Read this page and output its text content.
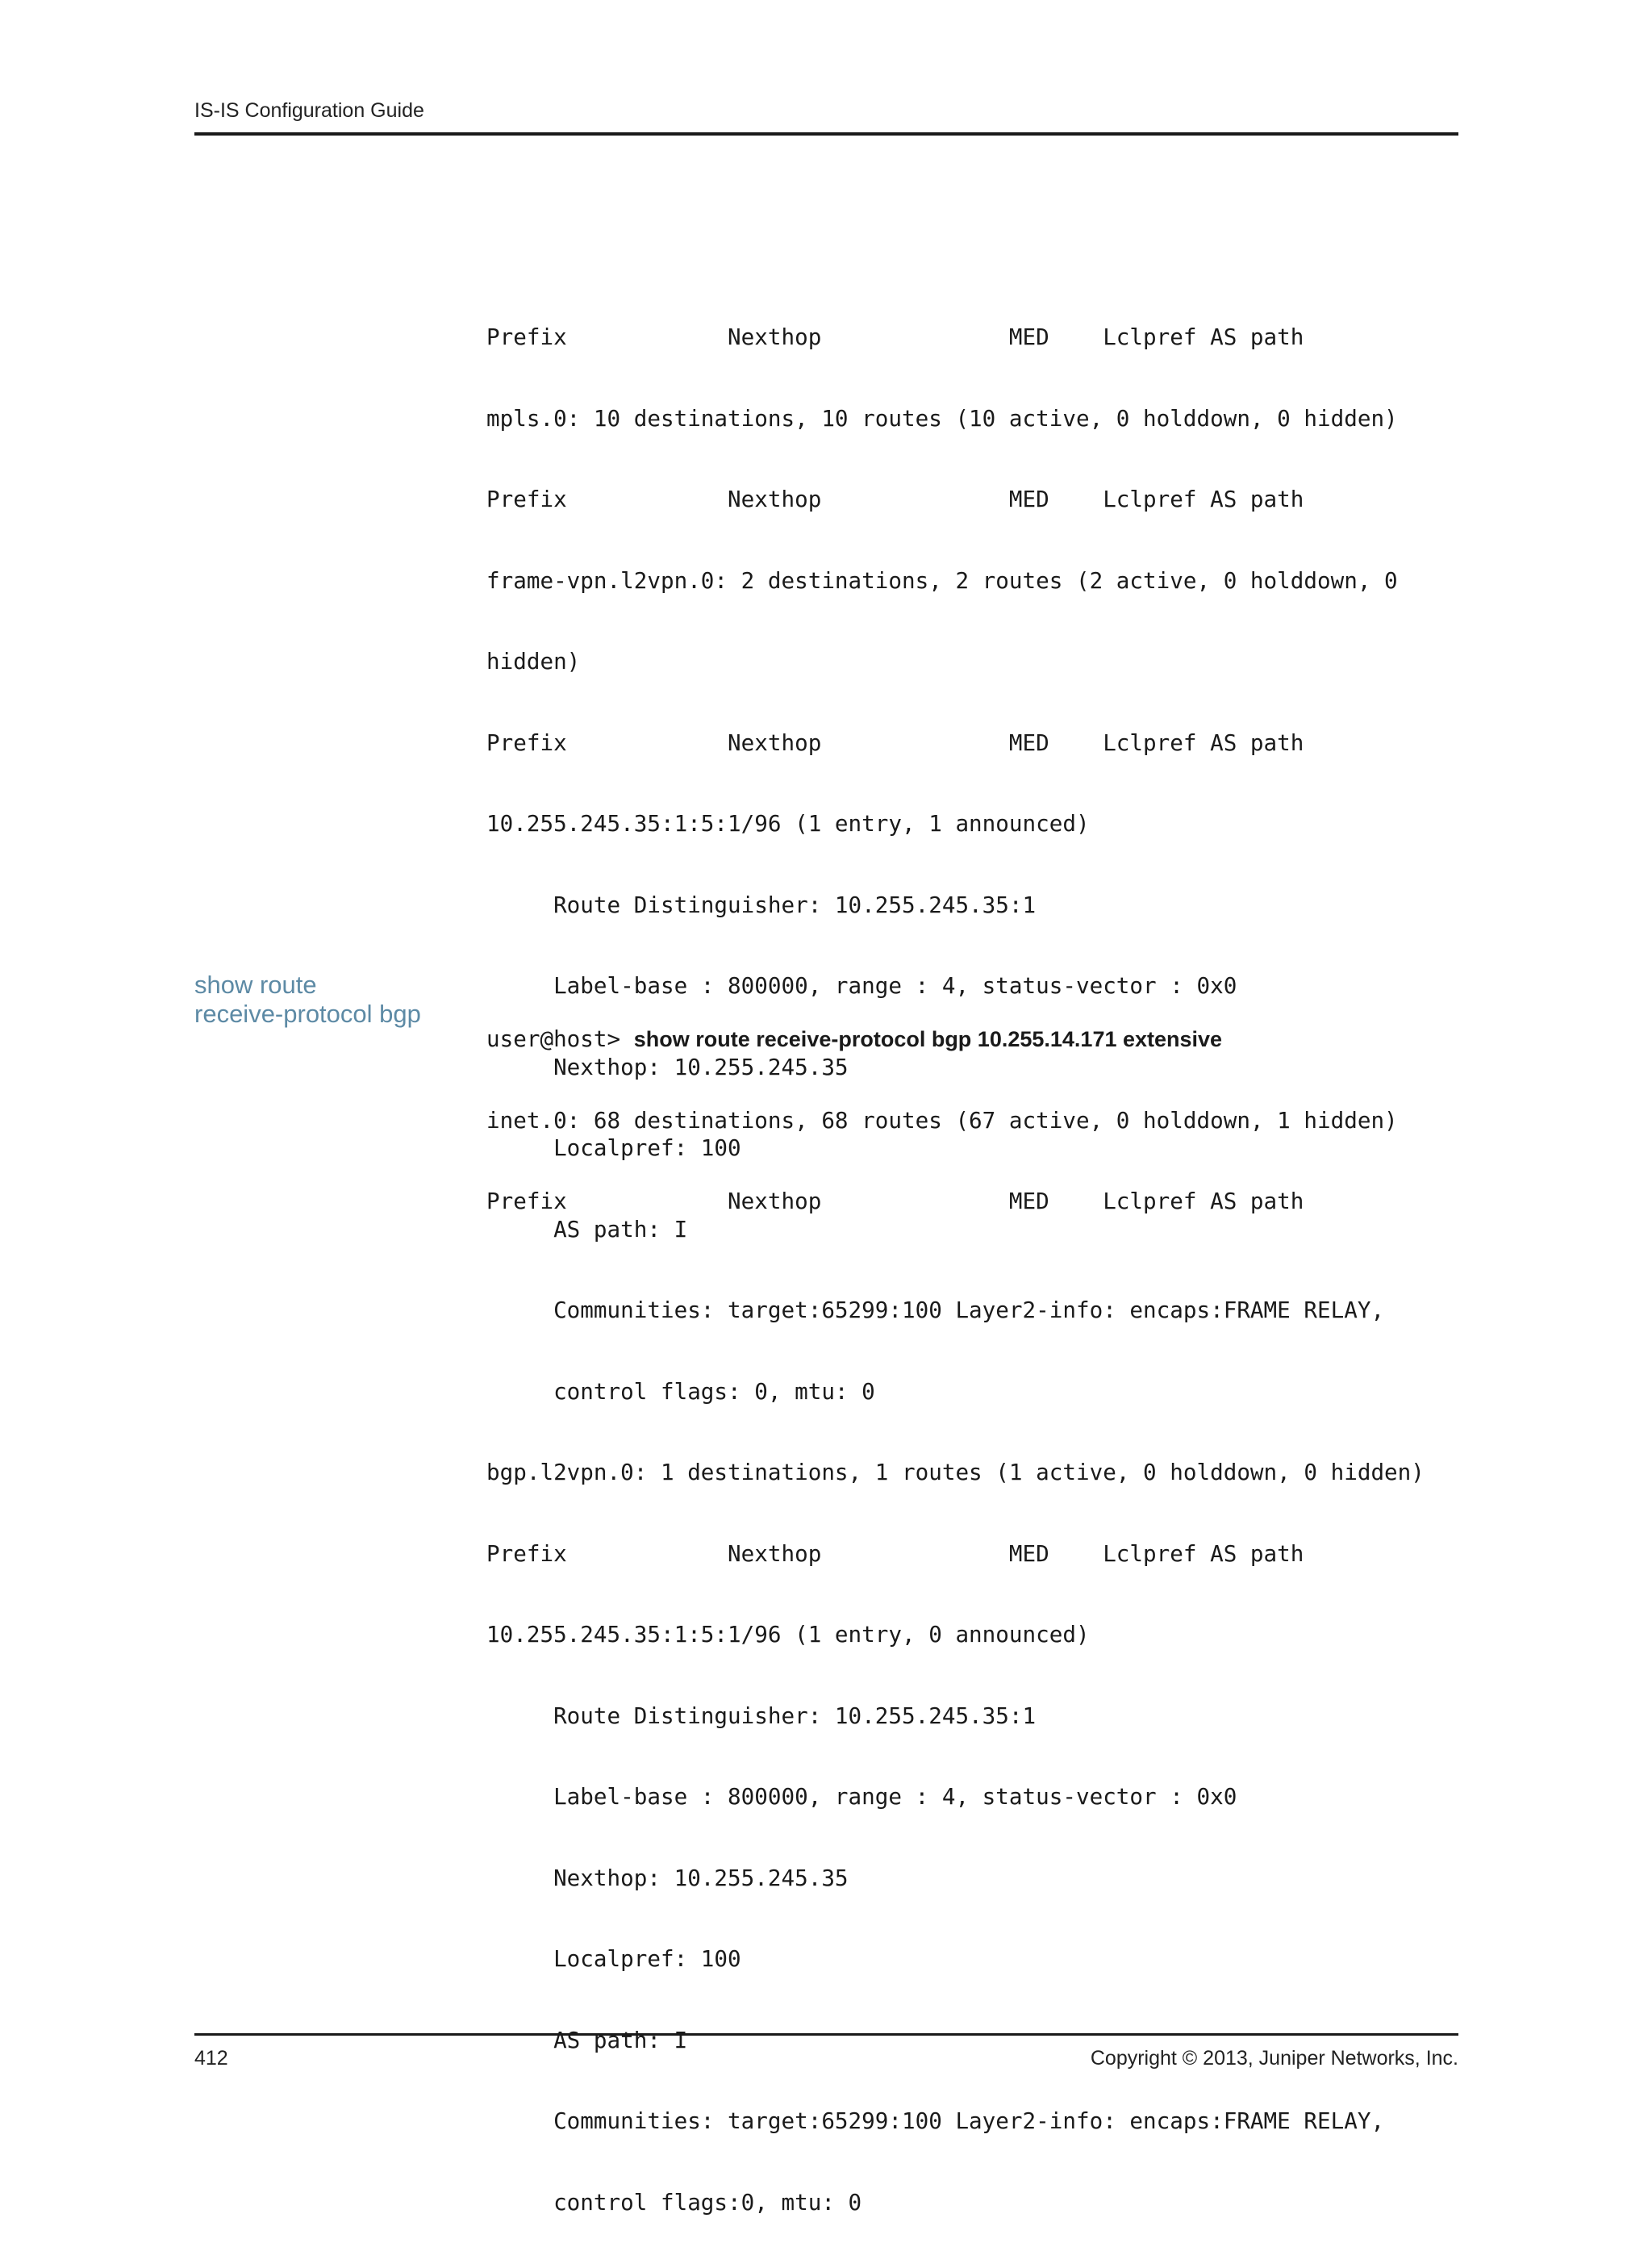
IS-IS Configuration Guide

Prefix            Nexthop              MED    Lclpref AS path

mpls.0: 10 destinations, 10 routes (10 active, 0 holddown, 0 hidden)

Prefix            Nexthop              MED    Lclpref AS path

frame-vpn.l2vpn.0: 2 destinations, 2 routes (2 active, 0 holddown, 0

hidden)

Prefix            Nexthop              MED    Lclpref AS path

10.255.245.35:1:5:1/96 (1 entry, 1 announced)

Route Distinguisher: 10.255.245.35:1

Label-base : 800000, range : 4, status-vector : 0x0

Nexthop: 10.255.245.35

Localpref: 100

AS path: I

Communities: target:65299:100 Layer2-info: encaps:FRAME RELAY,

control flags: 0, mtu: 0

bgp.l2vpn.0: 1 destinations, 1 routes (1 active, 0 holddown, 0 hidden)

Prefix            Nexthop              MED    Lclpref AS path

10.255.245.35:1:5:1/96 (1 entry, 0 announced)

Route Distinguisher: 10.255.245.35:1

Label-base : 800000, range : 4, status-vector : 0x0

Nexthop: 10.255.245.35

Localpref: 100

AS path: I

Communities: target:65299:100 Layer2-info: encaps:FRAME RELAY,

control flags:0, mtu: 0

show route
receive-protocol bgp

user@host> show route receive-protocol bgp 10.255.14.171 extensive

inet.0: 68 destinations, 68 routes (67 active, 0 holddown, 1 hidden)

Prefix            Nexthop              MED    Lclpref AS path

412	Copyright © 2013, Juniper Networks, Inc.
